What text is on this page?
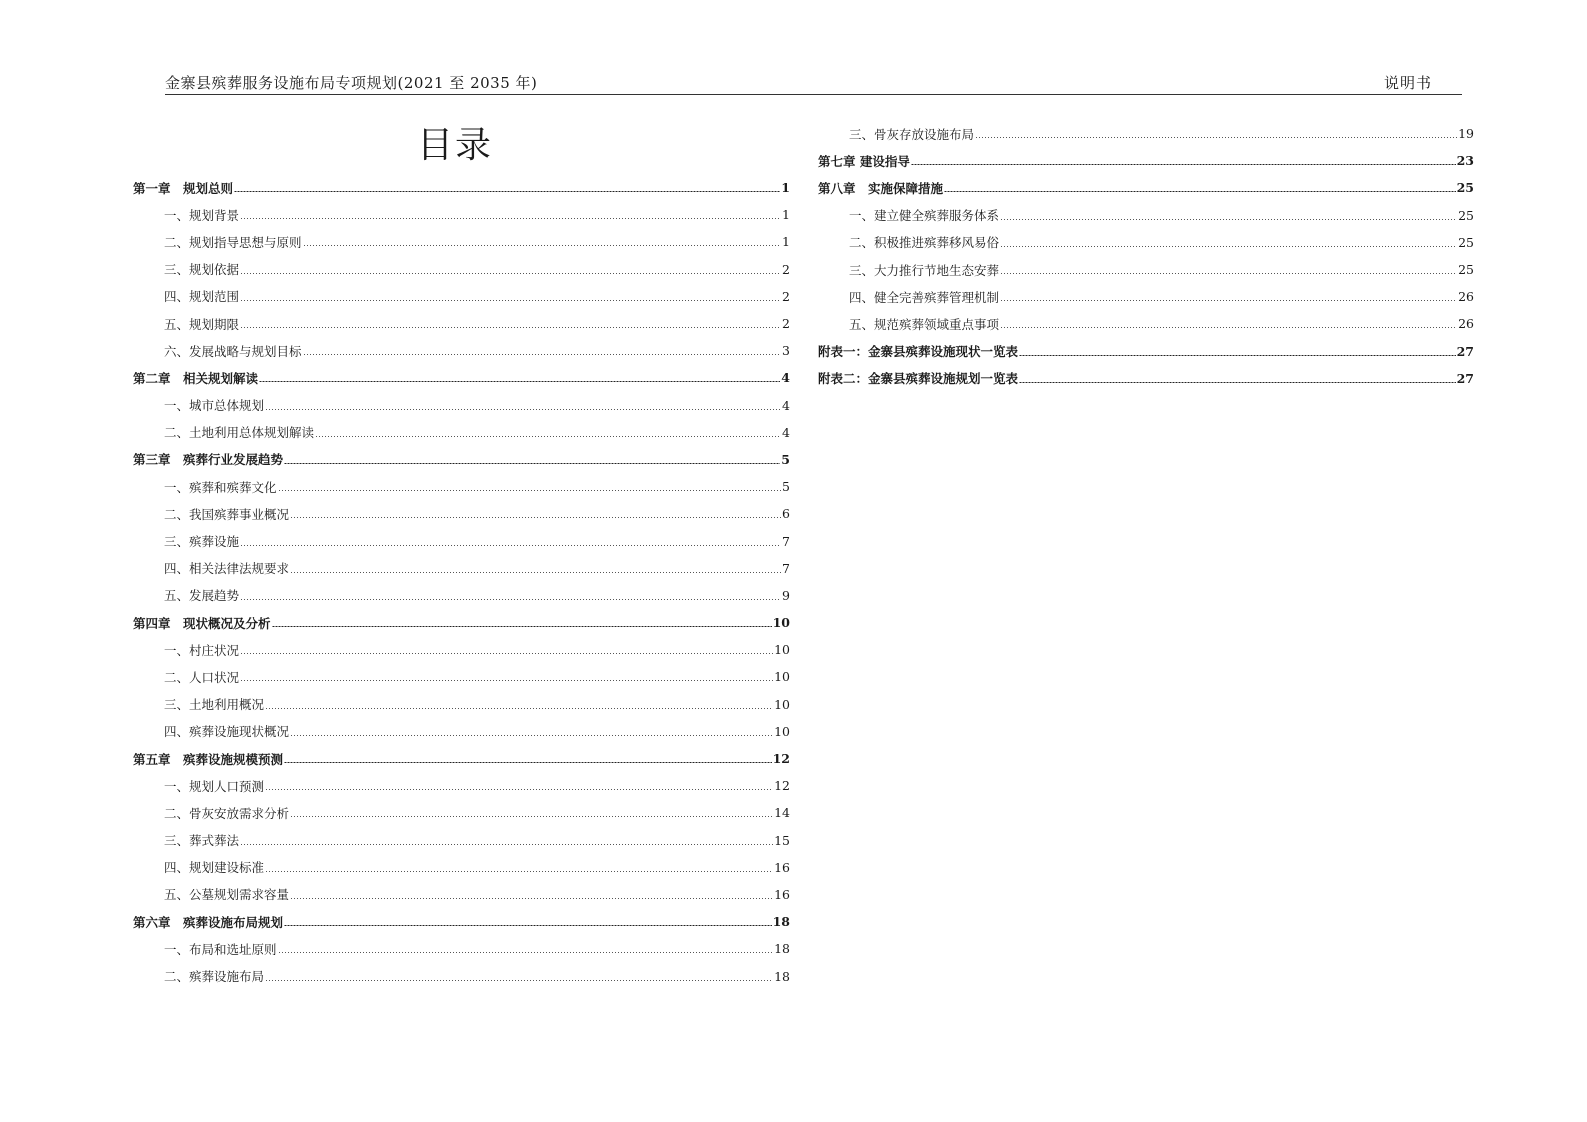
金寨县殡葬服务设施布局专项规划(2021 至 2035 年)	说明书
目录
第一章　规划总则	1
一、规划背景	1
二、规划指导思想与原则	1
三、规划依据	2
四、规划范围	2
五、规划期限	2
六、发展战略与规划目标	3
第二章　相关规划解读	4
一、城市总体规划	4
二、土地利用总体规划解读	4
第三章　殡葬行业发展趋势	5
一、殡葬和殡葬文化	5
二、我国殡葬事业概况	6
三、殡葬设施	7
四、相关法律法规要求	7
五、发展趋势	9
第四章　现状概况及分析	10
一、村庄状况	10
二、人口状况	10
三、土地利用概况	10
四、殡葬设施现状概况	10
第五章　殡葬设施规模预测	12
一、规划人口预测	12
二、骨灰安放需求分析	14
三、葬式葬法	15
四、规划建设标准	16
五、公墓规划需求容量	16
第六章　殡葬设施布局规划	18
一、布局和选址原则	18
二、殡葬设施布局	18
三、骨灰存放设施布局	19
第七章 建设指导	23
第八章　实施保障措施	25
一、建立健全殡葬服务体系	25
二、积极推进殡葬移风易俗	25
三、大力推行节地生态安葬	25
四、健全完善殡葬管理机制	26
五、规范殡葬领域重点事项	26
附表一：金寨县殡葬设施现状一览表	27
附表二：金寨县殡葬设施规划一览表	27
